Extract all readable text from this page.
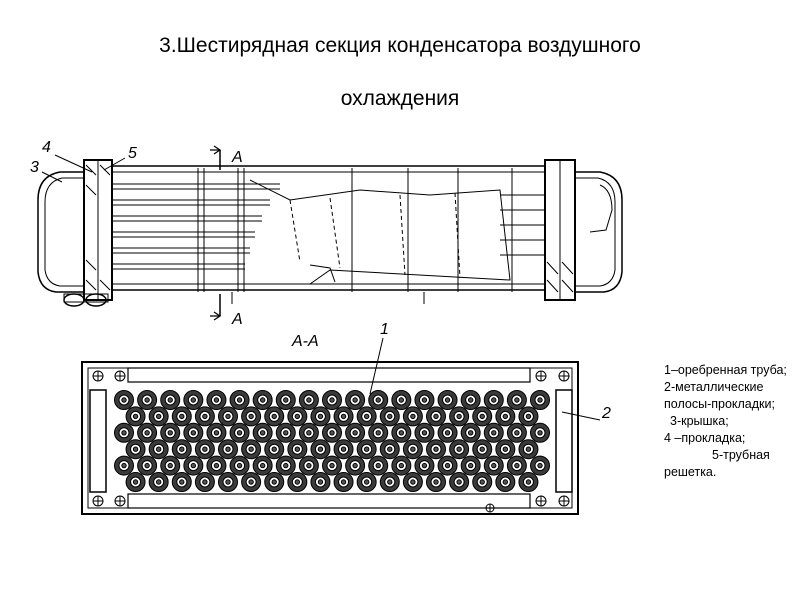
3.Шестирядная секция конденсатора воздушного
охлаждения
4	5
3
A
A
A-A
1
2
1–оребренная труба;
2-металлические полосы-прокладки;
3-крышка;
4 –прокладка;
5-трубная решетка.
